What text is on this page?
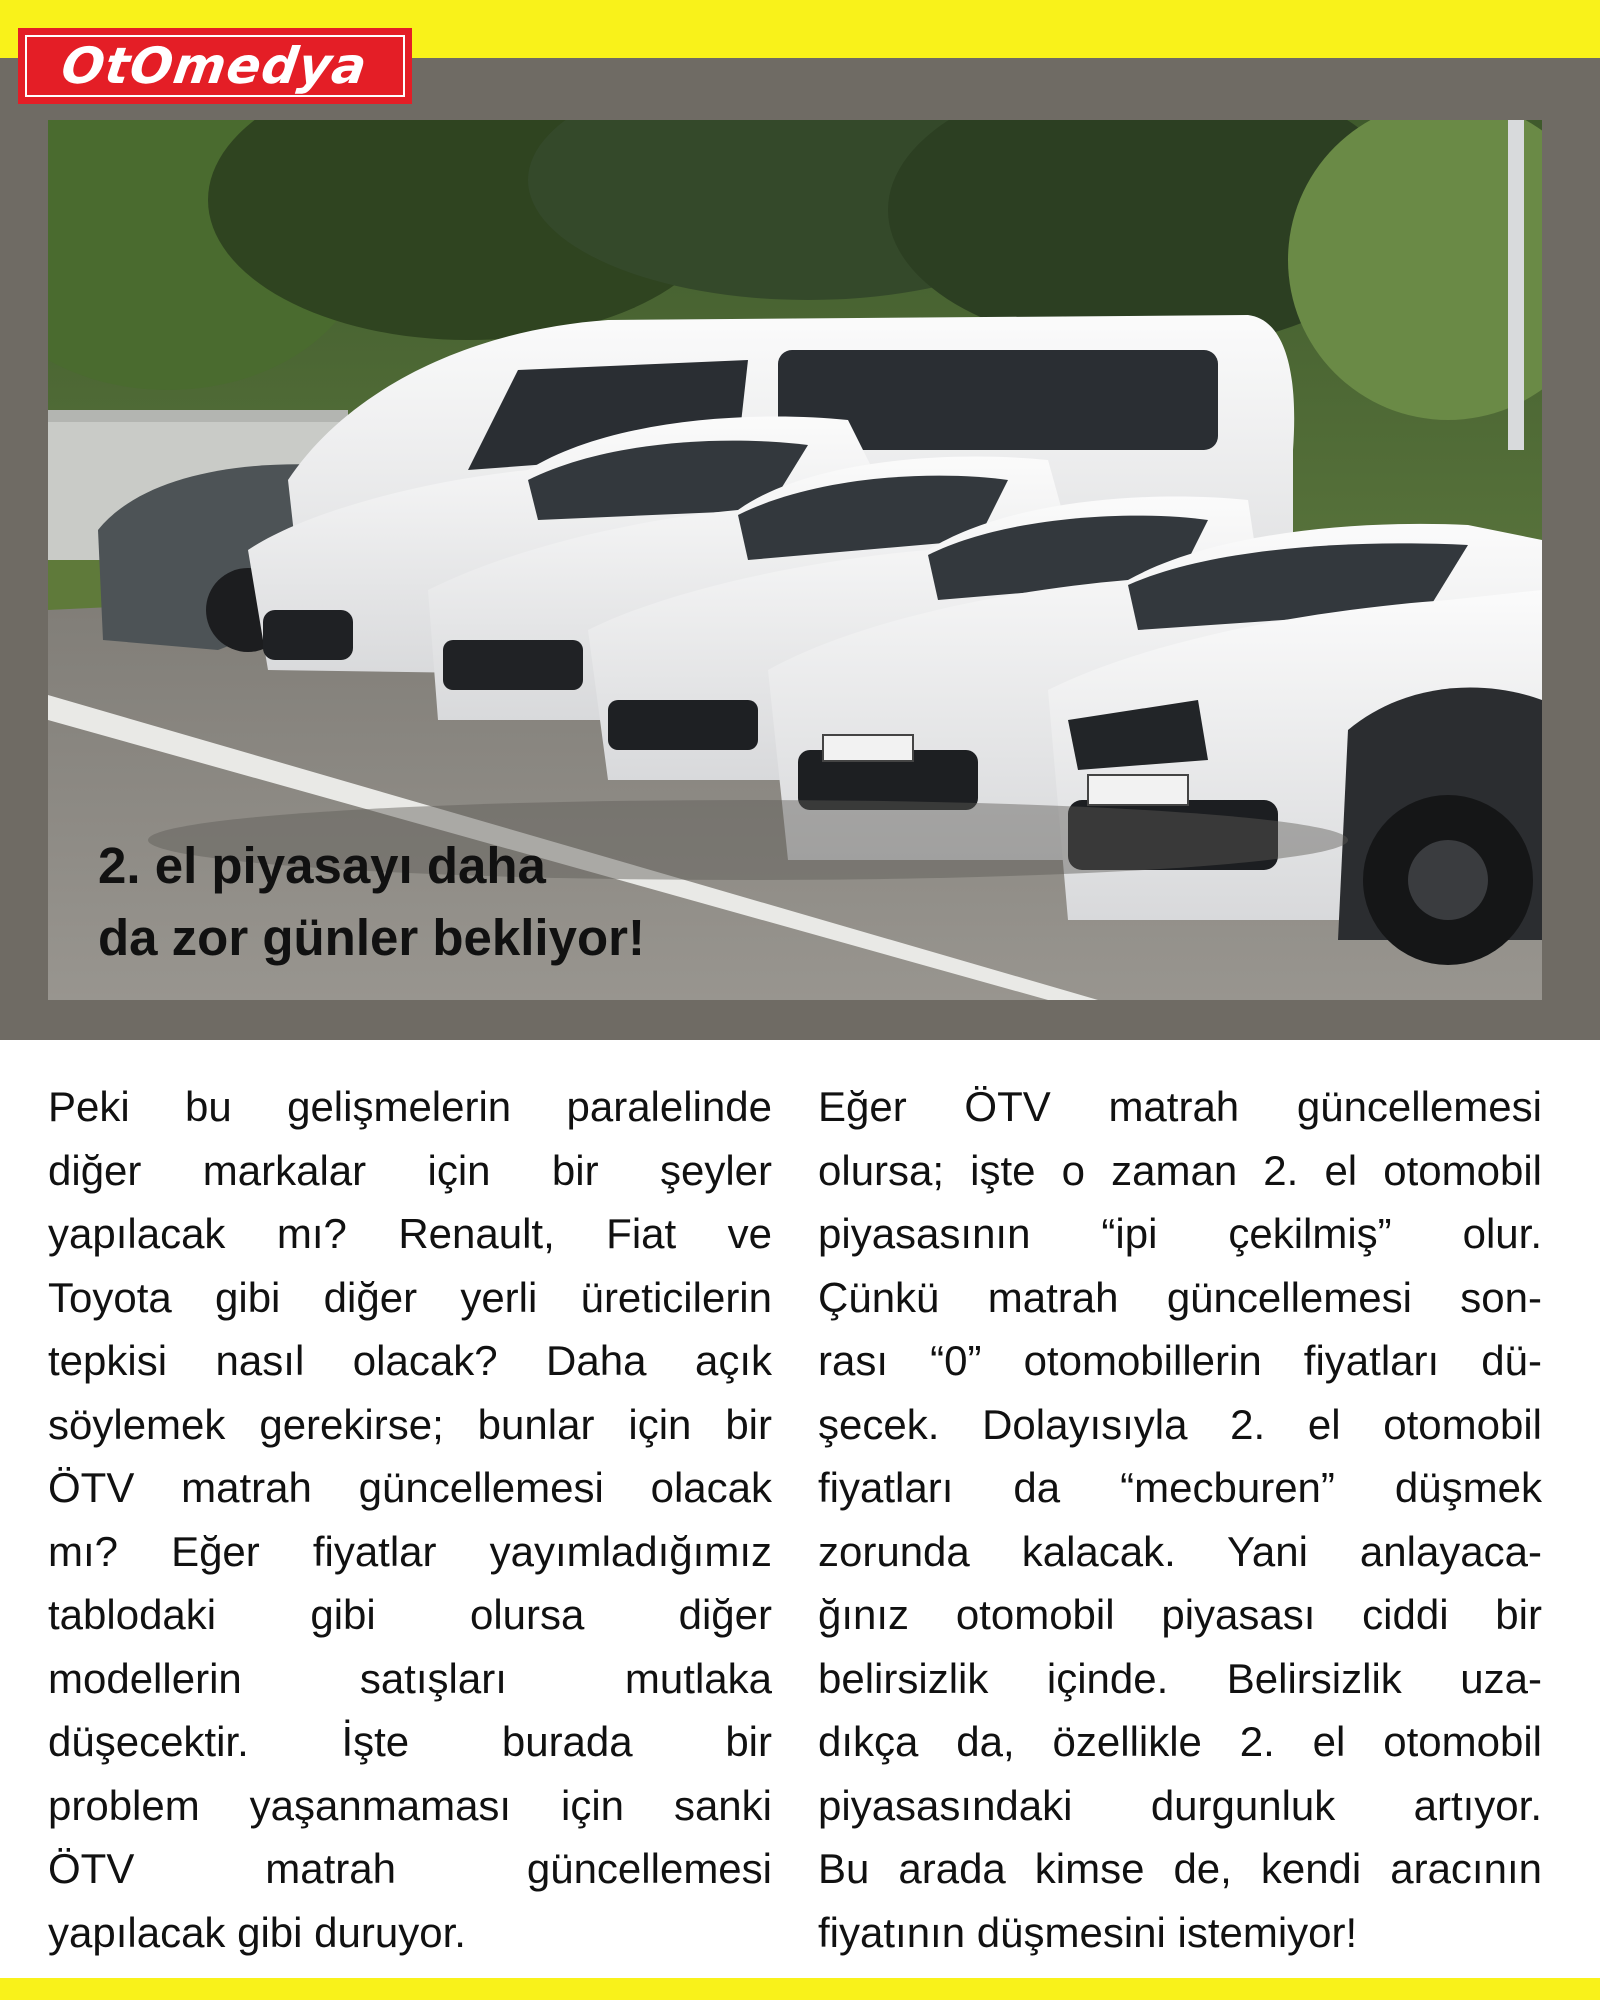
OtOmedya
2. el piyasayı daha
da zor günler bekliyor!
Peki bu gelişmelerin paralelinde
diğer markalar için bir şeyler
yapılacak mı? Renault, Fiat ve
Toyota gibi diğer yerli üreticilerin
tepkisi nasıl olacak? Daha açık
söylemek gerekirse; bunlar için bir
ÖTV matrah güncellemesi olacak
mı? Eğer fiyatlar yayımladığımız
tablodaki gibi olursa diğer
modellerin satışları mutlaka
düşecektir. İşte burada bir
problem yaşanmaması için sanki
ÖTV matrah güncellemesi
yapılacak gibi duruyor.
Eğer ÖTV matrah güncellemesi
olursa; işte o zaman 2. el otomobil
piyasasının “ipi çekilmiş” olur.
Çünkü matrah güncellemesi son-
rası “0” otomobillerin fiyatları dü-
şecek. Dolayısıyla 2. el otomobil
fiyatları da “mecburen” düşmek
zorunda kalacak. Yani anlayaca-
ğınız otomobil piyasası ciddi bir
belirsizlik içinde. Belirsizlik uza-
dıkça da, özellikle 2. el otomobil
piyasasındaki durgunluk artıyor.
Bu arada kimse de, kendi aracının
fiyatının düşmesini istemiyor!
